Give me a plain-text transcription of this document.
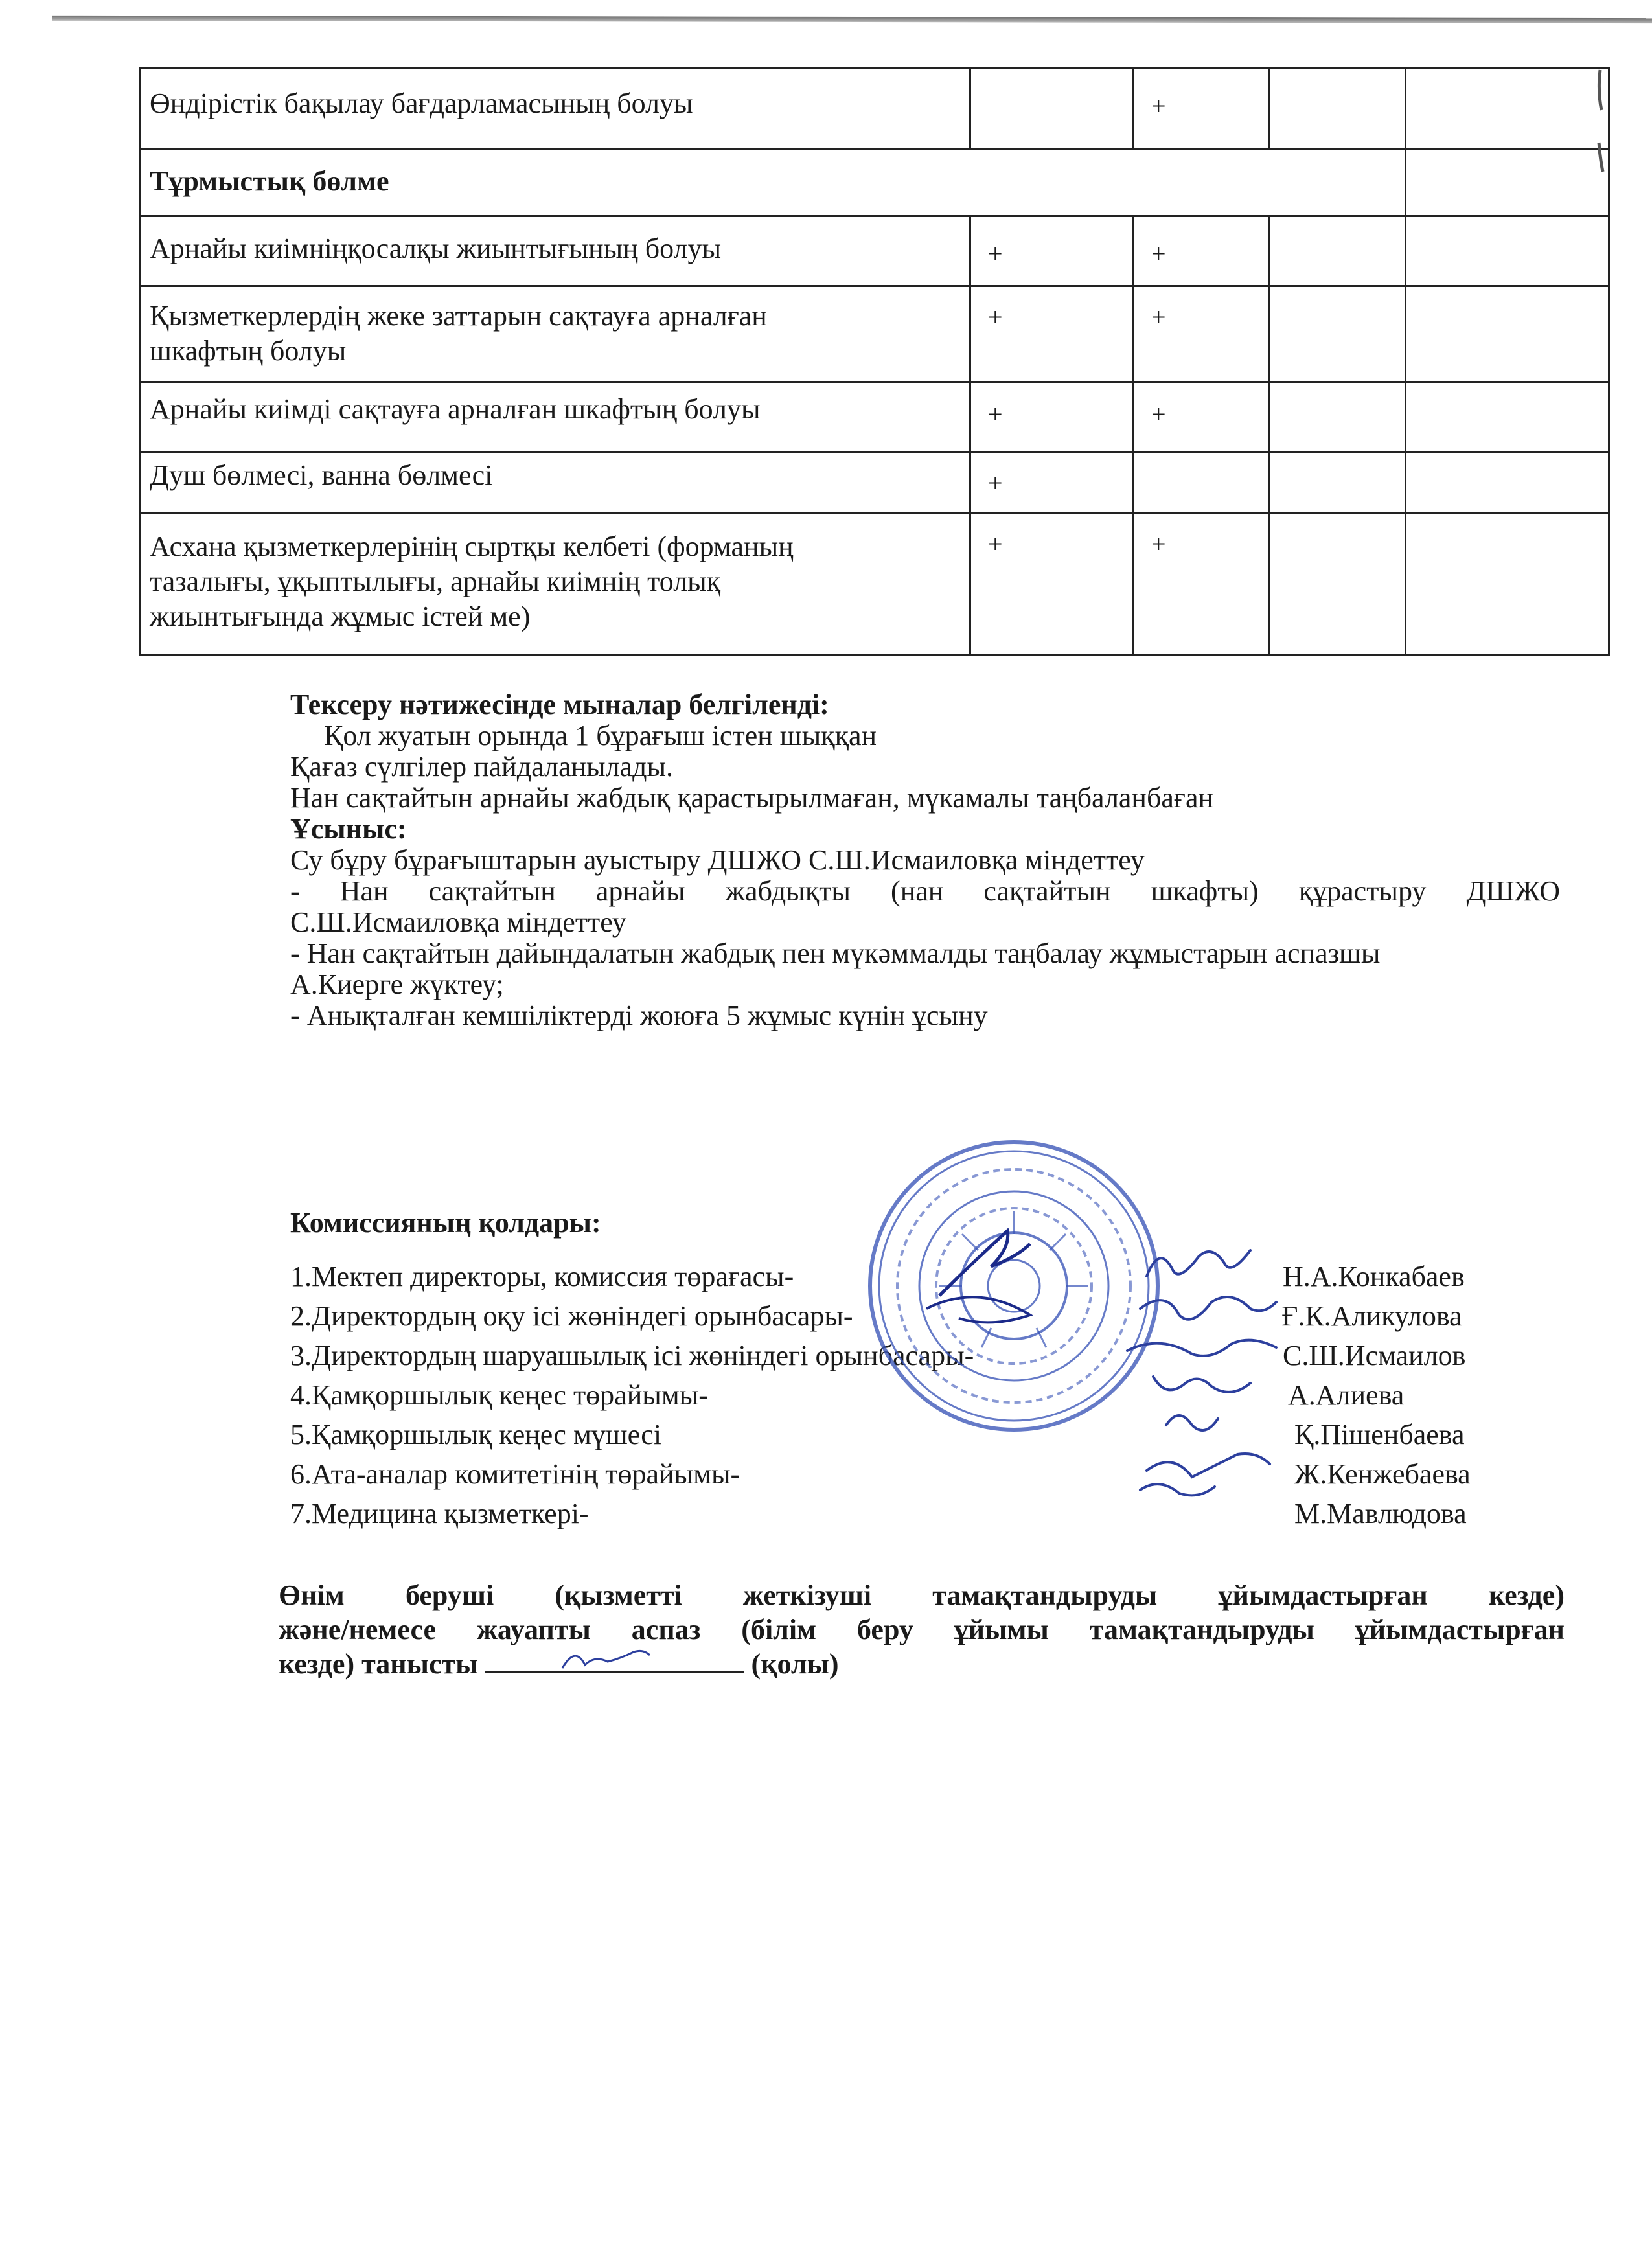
Өндірістік бақылау бағдарламасының болуы		+		
Тұрмыстық бөлме				
Арнайы киімніңқосалқы жиынтығының болуы	+	+		

Қызметкерлердің жеке заттарын сақтауға арналған
шкафтың болуы	+	+		
Арнайы киімді сақтауға арналған шкафтың болуы	+	+		
Душ бөлмесі, ванна бөлмесі	+			

Асхана қызметкерлерінің сыртқы келбеті (форманың
тазалығы, ұқыптылығы, арнайы киімнің толық
жиынтығында жұмыс істей ме)	+	+		
Тексеру нәтижесінде мыналар белгіленді:
Қол жуатын орында 1 бұрағыш істен шыққан
Қағаз сүлгілер пайдаланылады.
Нан сақтайтын арнайы жабдық қарастырылмаған, мүкамалы таңбаланбаған
Ұсыныс:
Су бұру бұрағыштарын ауыстыру ДШЖО С.Ш.Исмаиловқа міндеттеу
- Нан сақтайтын арнайы жабдықты (нан сақтайтын шкафты) құрастыру ДШЖО
С.Ш.Исмаиловқа міндеттеу
- Нан сақтайтын дайындалатын жабдық пен мүкәммалды таңбалау жұмыстарын аспазшы
А.Киерге жүктеу;
- Анықталған кемшіліктерді жоюға 5 жұмыс күнін ұсыну
Комиссияның қолдары:
1.Мектеп директоры, комиссия төрағасы-	Н.А.Конкабаев
2.Директордың оқу ісі жөніндегі орынбасары-	Ғ.К.Аликулова
3.Директордың шаруашылық ісі жөніндегі орынбасары-	С.Ш.Исмаилов
4.Қамқоршылық кеңес төрайымы-	А.Алиева
5.Қамқоршылық кеңес мүшесі	Қ.Пішенбаева
6.Ата-аналар комитетінің төрайымы-	Ж.Кенжебаева
7.Медицина қызметкері-	М.Мавлюдова
Өнім беруші (қызметті жеткізуші тамақтандыруды ұйымдастырған кезде)
және/немесе жауапты аспаз (білім беру ұйымы тамақтандыруды ұйымдастырған
кезде) танысты	(қолы)
